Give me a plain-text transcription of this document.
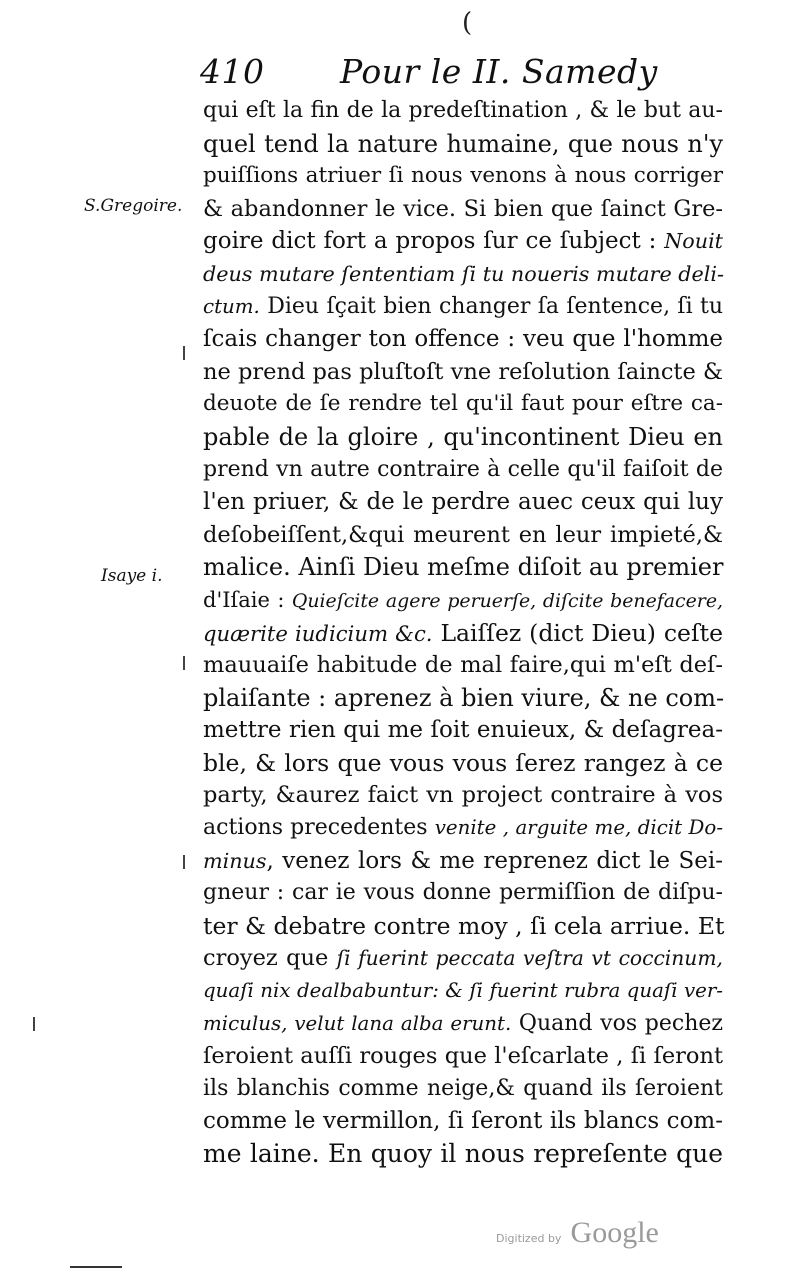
(
410 Pour le II. Samedy
S.Gregoire.
Isaye i.
qui eſt la fin de la predeſtination , & le but au-
quel tend la nature humaine, que nous n'y
puiſſions atriuer ſi nous venons à nous corriger
& abandonner le vice. Si bien que ſainct Gre-
goire dict fort a propos ſur ce ſubject : Nouit
deus mutare ſententiam ſi tu noueris mutare deli-
ctum. Dieu ſçait bien changer ſa ſentence, ſi tu
ſcais changer ton offence : veu que l'homme
ne prend pas pluſtoſt vne reſolution ſaincte &
deuote de ſe rendre tel qu'il faut pour eſtre ca-
pable de la gloire , qu'incontinent Dieu en
prend vn autre contraire à celle qu'il faiſoit de
l'en priuer, & de le perdre auec ceux qui luy
deſobeiſſent,&qui meurent en leur impieté,&
malice. Ainſi Dieu meſme diſoit au premier
d'Iſaie : Quieſcite agere peruerſe, diſcite benefacere,
quærite iudicium &c. Laiſſez (dict Dieu) ceſte
mauuaiſe habitude de mal faire,qui m'eſt deſ-
plaiſante : aprenez à bien viure, & ne com-
mettre rien qui me ſoit enuieux, & deſagrea-
ble, & lors que vous vous ſerez rangez à ce
party, &aurez faict vn project contraire à vos
actions precedentes venite , arguite me, dicit Do-
minus, venez lors & me reprenez dict le Sei-
gneur : car ie vous donne permiſſion de diſpu-
ter & debatre contre moy , ſi cela arriue. Et
croyez que ſi fuerint peccata veſtra vt coccinum,
quaſi nix dealbabuntur: & ſi fuerint rubra quaſi ver-
miculus, velut lana alba erunt. Quand vos pechez
ſeroient auſſi rouges que l'eſcarlate , ſi ſeront
ils blanchis comme neige,& quand ils ſeroient
comme le vermillon, ſi ſeront ils blancs com-
me laine. En quoy il nous repreſente que
Digitized by Google
